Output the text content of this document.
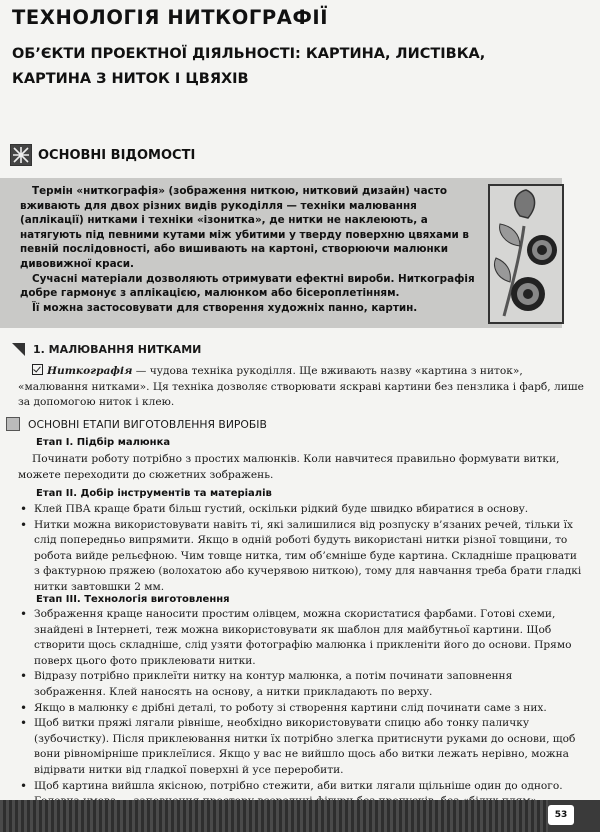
ТЕХНОЛОГІЯ НИТКОГРАФІЇ
ОБ’ЄКТИ ПРОЕКТНОЇ ДІЯЛЬНОСТІ: КАРТИНА, ЛИСТІВКА,
КАРТИНА З НИТОК І ЦВЯХІВ
ОСНОВНІ ВІДОМОСТІ

Термін «ниткографія» (зображення ниткою, нитковий дизайн) часто вживають для двох різних видів рукоділля — техніки малювання (аплікації) нитками і техніки «ізонитка», де нитки не наклеюють, а натягують під певними кутами між убитими у тверду поверхню цвяхами в певній послідовності, або вишивають на картоні, створюючи малюнки дивовижної краси.

Сучасні матеріали дозволяють отримувати ефектні вироби. Ниткографія добре гармонує з аплікацією, малюнком або бісероплетінням.

Її можна застосовувати для створення художніх панно, картин.

1. МАЛЮВАННЯ НИТКАМИ

Ниткографія — чудова техніка рукоділля. Ще вживають назву «картина з ниток», «малювання нитками». Ця техніка дозволяє створювати яскраві картини без пензлика і фарб, лише за допомогою ниток і клею.

ОСНОВНІ ЕТАПИ ВИГОТОВЛЕННЯ ВИРОБІВ
Етап І. Підбір малюнка

Починати роботу потрібно з простих малюнків. Коли навчитеся правильно формувати витки, можете переходити до сюжетних зображень.

Етап ІІ. Добір інструментів та матеріалів
• Клей ПВА краще брати більш густий, оскільки рідкий буде швидко вбиратися в основу.
• Нитки можна використовувати навіть ті, які залишилися від розпуску в’язаних речей, тільки їх слід попередньо випрямити. Якщо в одній роботі будуть використані нитки різної товщини, то робота вийде рельєфною. Чим товще нитка, тим об’ємніше буде картина. Складніше працювати з фактурною пряжею (волохатою або кучерявою ниткою), тому для навчання треба брати гладкі нитки завтовшки 2 мм.
Етап ІІІ. Технологія виготовлення
• Зображення краще наносити простим олівцем, можна скористатися фарбами. Готові схеми, знайдені в Інтернеті, теж можна використовувати як шаблон для майбутньої картини. Щоб створити щось складніше, слід узяти фотографію малюнка і прикленіти його до основи. Прямо поверх цього фото приклеювати нитки.
• Відразу потрібно приклеїти нитку на контур малюнка, а потім починати заповнення зображення. Клей наносять на основу, а нитки прикладають по верху.
• Якщо в малюнку є дрібні деталі, то роботу зі створення картини слід починати саме з них.
• Щоб витки пряжі лягали рівніше, необхідно використовувати спицю або тонку паличку (зубочистку). Після приклеювання нитки їх потрібно злегка притиснути руками до основи, щоб вони рівномірніше приклеїлися. Якщо у вас не вийшло щось або витки лежать нерівно, можна відірвати нитки від гладкої поверхні й усе переробити.
• Щоб картина вийшла якісною, потрібно стежити, аби витки лягали щільніше один до одного.
53
